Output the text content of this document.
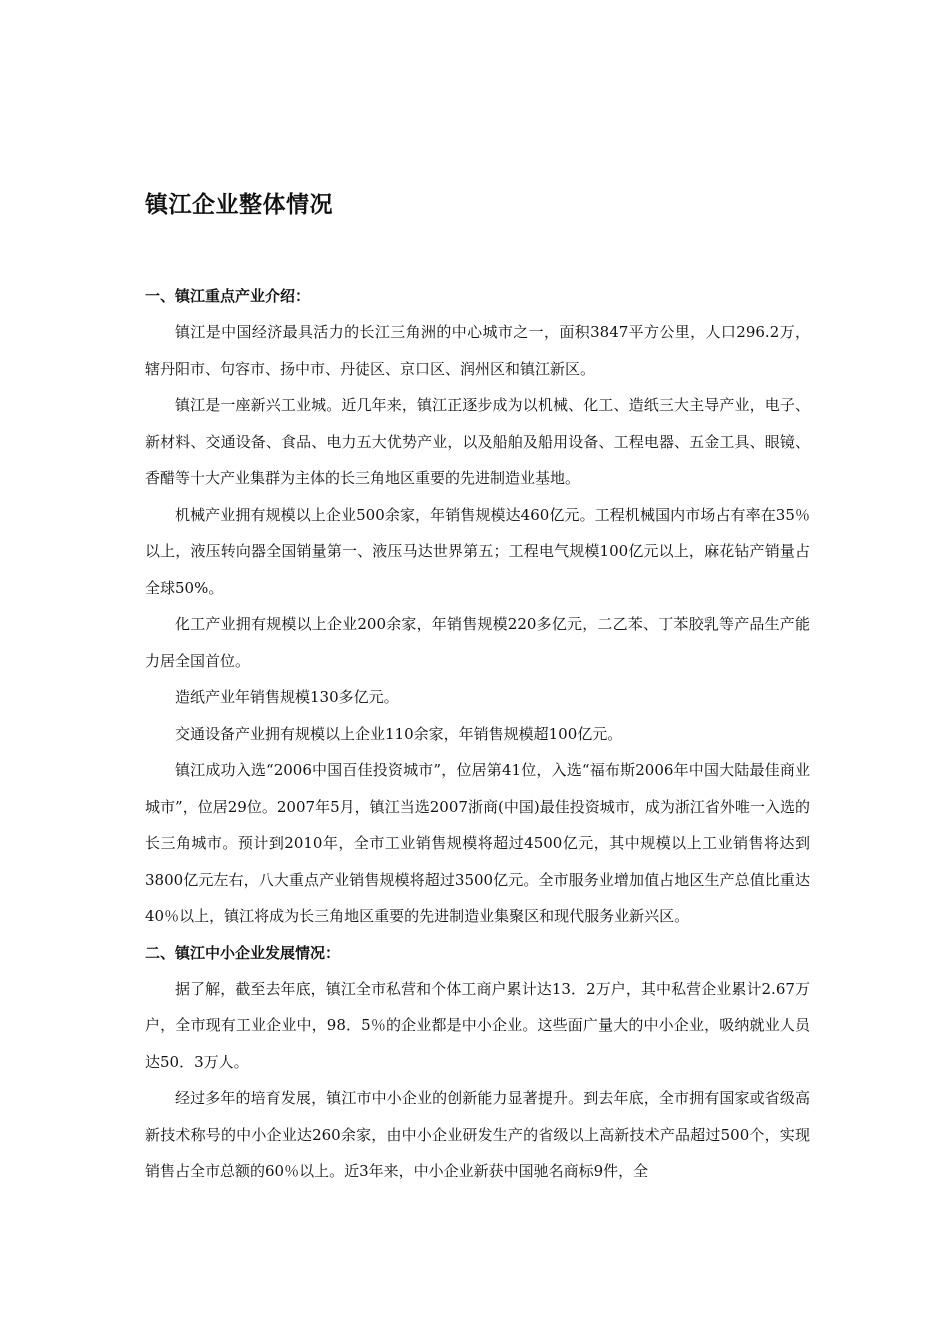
镇江企业整体情况
一、镇江重点产业介绍：

镇江是中国经济最具活力的长江三角洲的中心城市之一，面积3847平方公里，人口296.2万，辖丹阳市、句容市、扬中市、丹徒区、京口区、润州区和镇江新区。

镇江是一座新兴工业城。近几年来，镇江正逐步成为以机械、化工、造纸三大主导产业，电子、新材料、交通设备、食品、电力五大优势产业，以及船舶及船用设备、工程电器、五金工具、眼镜、香醋等十大产业集群为主体的长三角地区重要的先进制造业基地。

机械产业拥有规模以上企业500余家，年销售规模达460亿元。工程机械国内市场占有率在35％以上，液压转向器全国销量第一、液压马达世界第五；工程电气规模100亿元以上，麻花钻产销量占全球50%。

化工产业拥有规模以上企业200余家，年销售规模220多亿元，二乙苯、丁苯胶乳等产品生产能力居全国首位。

造纸产业年销售规模130多亿元。

交通设备产业拥有规模以上企业110余家，年销售规模超100亿元。

镇江成功入选“2006中国百佳投资城市”，位居第41位，入选“福布斯2006年中国大陆最佳商业城市”，位居29位。2007年5月，镇江当选2007浙商(中国)最佳投资城市，成为浙江省外唯一入选的长三角城市。预计到2010年，全市工业销售规模将超过4500亿元，其中规模以上工业销售将达到3800亿元左右，八大重点产业销售规模将超过3500亿元。全市服务业增加值占地区生产总值比重达40％以上，镇江将成为长三角地区重要的先进制造业集聚区和现代服务业新兴区。

二、镇江中小企业发展情况：

据了解，截至去年底，镇江全市私营和个体工商户累计达13．2万户，其中私营企业累计2.67万户，全市现有工业企业中，98．5％的企业都是中小企业。这些面广量大的中小企业，吸纳就业人员达50．3万人。

经过多年的培育发展，镇江市中小企业的创新能力显著提升。到去年底，全市拥有国家或省级高新技术称号的中小企业达260余家，由中小企业研发生产的省级以上高新技术产品超过500个，实现销售占全市总额的60％以上。近3年来，中小企业新获中国驰名商标9件，全
